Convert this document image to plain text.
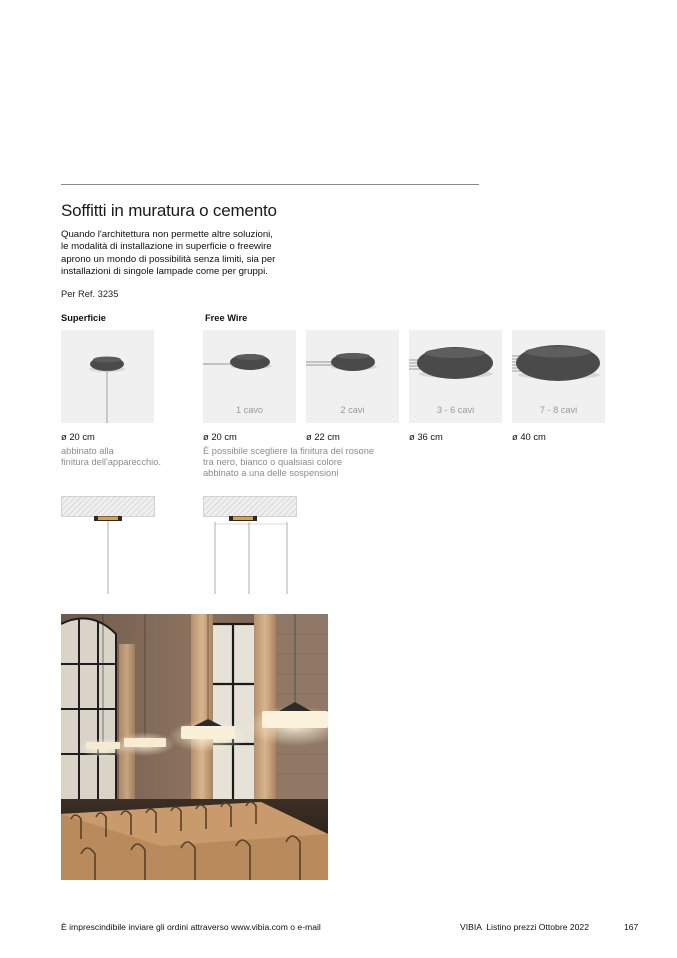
Soffitti in muratura o cemento
Quando l'architettura non permette altre soluzioni,
le modalità di installazione in superficie o freewire
aprono un mondo di possibilità senza limiti, sia per
installazioni di singole lampade come per gruppi.
Per Ref. 3235
Superficie	Free Wire
1 cavo	2 cavi	3 - 6 cavi	7 - 8 cavi
ø 20 cm	ø 20 cm	ø 22 cm	ø 36 cm	ø 40 cm
abbinato alla
finitura dell'apparecchio.
È possibile scegliere la finitura del rosone
tra nero, bianco o qualsiasi colore
abbinato a una delle sospensioni
È imprescindibile inviare gli ordini attraverso www.vibia.com o e-mail	VIBIA  Listino prezzi Ottobre 2022	167
